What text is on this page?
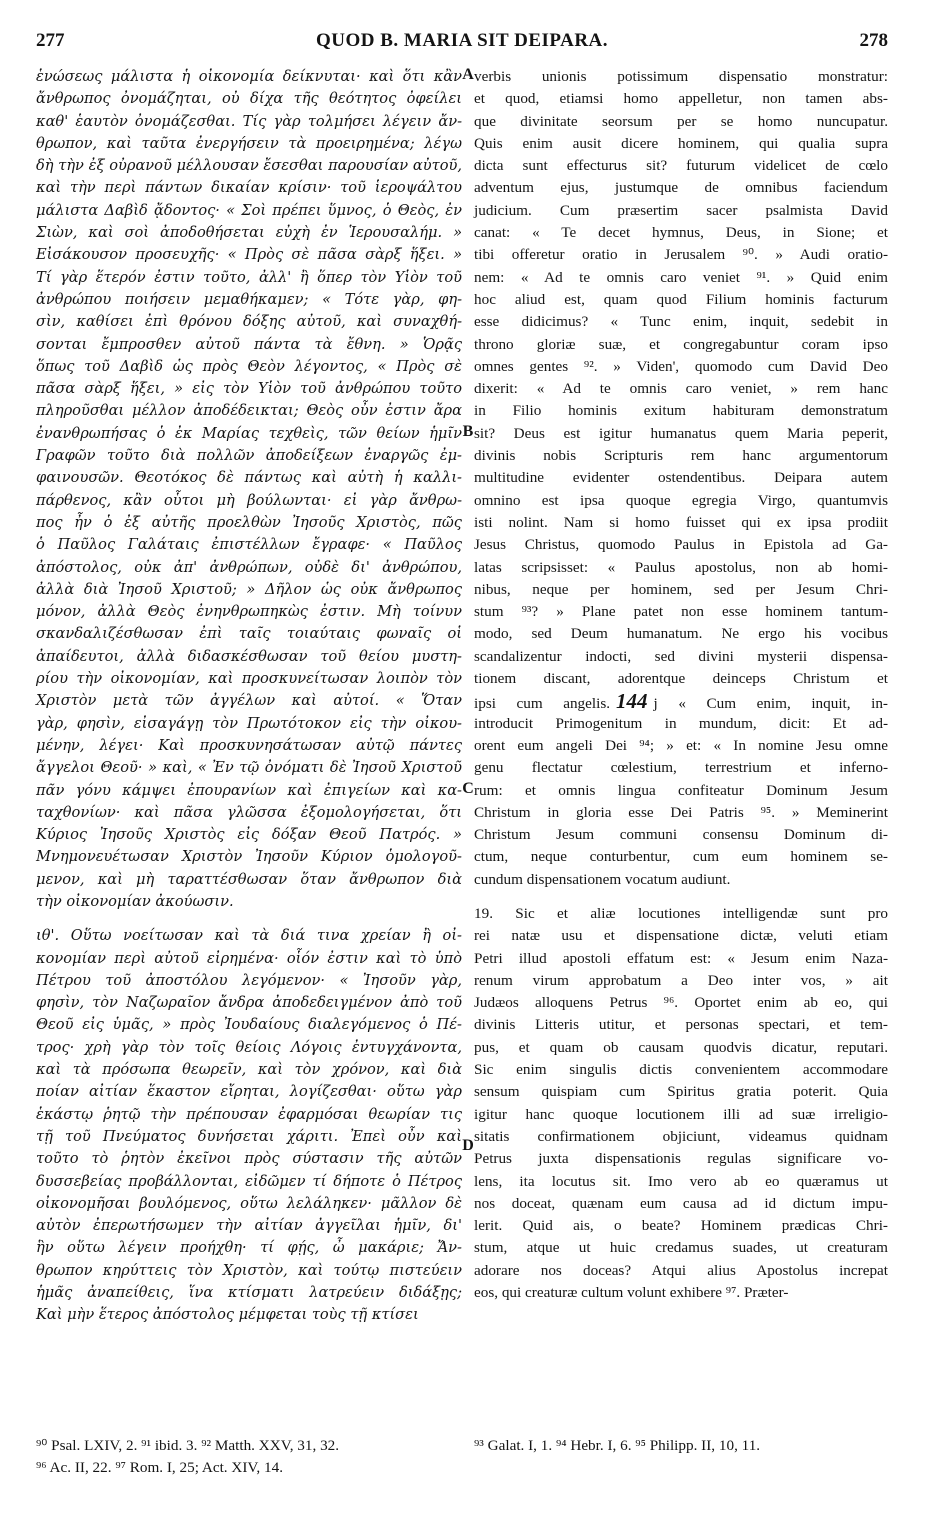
277	QUOD B. MARIA SIT DEIPARA.	278
ἑνώσεως μάλιστα ἡ οἰκονομία δείκνυται· καὶ ὅτι κἂν
ἄνθρωπος ὀνομάζηται, οὐ δίχα τῆς θεότητος ὀφείλει
καθ' ἑαυτὸν ὀνομάζεσθαι. Τίς γὰρ τολμήσει λέγειν ἄν-
θρωπον, καὶ ταῦτα ἐνεργήσειν τὰ προειρημένα; λέγω
δὴ τὴν ἐξ οὐρανοῦ μέλλουσαν ἔσεσθαι παρουσίαν αὐτοῦ,
καὶ τὴν περὶ πάντων δικαίαν κρίσιν· τοῦ ἱεροψάλτου
μάλιστα Δαβὶδ ᾄδοντος· « Σοὶ πρέπει ὕμνος, ὁ Θεὸς, ἐν
Σιὼν, καὶ σοὶ ἀποδοθήσεται εὐχὴ ἐν Ἱερουσαλήμ. »
Εἰσάκουσον προσευχῆς· « Πρὸς σὲ πᾶσα σὰρξ ἥξει. »
Τί γὰρ ἕτερόν ἐστιν τοῦτο, ἀλλ' ἢ ὅπερ τὸν Υἱὸν τοῦ
ἀνθρώπου ποιήσειν μεμαθήκαμεν; « Τότε γὰρ, φη-
σὶν, καθίσει ἐπὶ θρόνου δόξης αὐτοῦ, καὶ συναχθή-
σονται ἔμπροσθεν αὐτοῦ πάντα τὰ ἔθνη. » Ὁρᾷς
ὅπως τοῦ Δαβὶδ ὡς πρὸς Θεὸν λέγοντος, « Πρὸς σὲ
πᾶσα σὰρξ ἥξει, » εἰς τὸν Υἱὸν τοῦ ἀνθρώπου τοῦτο
πληροῦσθαι μέλλον ἀποδέδεικται; Θεὸς οὖν ἐστιν ἄρα
ἐνανθρωπήσας ὁ ἐκ Μαρίας τεχθεὶς, τῶν θείων ἡμῖν
Γραφῶν τοῦτο διὰ πολλῶν ἀποδείξεων ἐναργῶς ἐμ-
φαινουσῶν. Θεοτόκος δὲ πάντως καὶ αὐτὴ ἡ καλλι-
πάρθενος, κἂν οὗτοι μὴ βούλωνται· εἰ γὰρ ἄνθρω-
πος ἦν ὁ ἐξ αὐτῆς προελθὼν Ἰησοῦς Χριστὸς, πῶς
ὁ Παῦλος Γαλάταις ἐπιστέλλων ἔγραφε· « Παῦλος
ἀπόστολος, οὐκ ἀπ' ἀνθρώπων, οὐδὲ δι' ἀνθρώπου,
ἀλλὰ διὰ Ἰησοῦ Χριστοῦ; » Δῆλον ὡς οὐκ ἄνθρωπος
μόνον, ἀλλὰ Θεὸς ἐνηνθρωπηκὼς ἐστιν. Μὴ τοίνυν
σκανδαλιζέσθωσαν ἐπὶ ταῖς τοιαύταις φωναῖς οἱ
ἀπαίδευτοι, ἀλλὰ διδασκέσθωσαν τοῦ θείου μυστη-
ρίου τὴν οἰκονομίαν, καὶ προσκυνείτωσαν λοιπὸν τὸν
Χριστὸν μετὰ τῶν ἀγγέλων καὶ αὐτοί. « Ὅταν
γὰρ, φησὶν, εἰσαγάγῃ τὸν Πρωτότοκον εἰς τὴν οἰκου-
μένην, λέγει· Καὶ προσκυνησάτωσαν αὐτῷ πάντες
ἄγγελοι Θεοῦ· » καὶ, « Ἐν τῷ ὀνόματι δὲ Ἰησοῦ Χριστοῦ
πᾶν γόνυ κάμψει ἐπουρανίων καὶ ἐπιγείων καὶ κα-
ταχθονίων· καὶ πᾶσα γλῶσσα ἐξομολογήσεται, ὅτι
Κύριος Ἰησοῦς Χριστὸς εἰς δόξαν Θεοῦ Πατρός. »
Μνημονευέτωσαν Χριστὸν Ἰησοῦν Κύριον ὁμολογοῦ-
μενον, καὶ μὴ ταραττέσθωσαν ὅταν ἄνθρωπον διὰ
τὴν οἰκονομίαν ἀκούωσιν.
ιθ'. Οὕτω νοείτωσαν καὶ τὰ διά τινα χρείαν ἢ οἰ-
κονομίαν περὶ αὐτοῦ εἰρημένα· οἷόν ἐστιν καὶ τὸ ὑπὸ
Πέτρου τοῦ ἀποστόλου λεγόμενον· « Ἰησοῦν γὰρ,
φησὶν, τὸν Ναζωραῖον ἄνδρα ἀποδεδειγμένον ἀπὸ τοῦ
Θεοῦ εἰς ὑμᾶς, » πρὸς Ἰουδαίους διαλεγόμενος ὁ Πέ-
τρος· χρὴ γὰρ τὸν τοῖς θείοις Λόγοις ἐντυγχάνοντα,
καὶ τὰ πρόσωπα θεωρεῖν, καὶ τὸν χρόνον, καὶ διὰ
ποίαν αἰτίαν ἕκαστον εἴρηται, λογίζεσθαι· οὕτω γὰρ
ἑκάστῳ ῥητῷ τὴν πρέπουσαν ἐφαρμόσαι θεωρίαν τις
τῇ τοῦ Πνεύματος δυνήσεται χάριτι. Ἐπεὶ οὖν καὶ
τοῦτο τὸ ῥητὸν ἐκεῖνοι πρὸς σύστασιν τῆς αὐτῶν
δυσσεβείας προβάλλονται, εἰδῶμεν τί δήποτε ὁ Πέτρος
οἰκονομῆσαι βουλόμενος, οὕτω λελάληκεν· μᾶλλον δὲ
αὐτὸν ἐπερωτήσωμεν τὴν αἰτίαν ἀγγεῖλαι ἡμῖν, δι'
ἣν οὕτω λέγειν προήχθη· τί φῄς, ὦ μακάριε; Ἄν-
θρωπον κηρύττεις τὸν Χριστὸν, καὶ τούτῳ πιστεύειν
ἡμᾶς ἀναπείθεις, ἵνα κτίσματι λατρεύειν διδάξῃς;
Καὶ μὴν ἕτερος ἀπόστολος μέμφεται τοὺς τῇ κτίσει
verbis unionis potissimum dispensatio monstratur:
et quod, etiamsi homo appelletur, non tamen abs-
que divinitate seorsum per se homo nuncupatur.
Quis enim ausit dicere hominem, qui qualia supra
dicta sunt effecturus sit? futurum videlicet de cœlo
adventum ejus, justumque de omnibus faciendum
judicium. Cum præsertim sacer psalmista David
canat: « Te decet hymnus, Deus, in Sione; et
tibi offeretur oratio in Jerusalem ⁹⁰. » Audi oratio-
nem: « Ad te omnis caro veniet ⁹¹. » Quid enim
hoc aliud est, quam quod Filium hominis facturum
esse didicimus? « Tunc enim, inquit, sedebit in
throno gloriæ suæ, et congregabuntur coram ipso
omnes gentes ⁹². » Viden', quomodo cum David Deo
dixerit: « Ad te omnis caro veniet, » rem hanc
in Filio hominis exitum habituram demonstratum
sit? Deus est igitur humanatus quem Maria peperit,
divinis nobis Scripturis rem hanc argumentorum
multitudine evidenter ostendentibus. Deipara autem
omnino est ipsa quoque egregia Virgo, quantumvis
isti nolint. Nam si homo fuisset qui ex ipsa prodiit
Jesus Christus, quomodo Paulus in Epistola ad Ga-
latas scripsisset: « Paulus apostolus, non ab homi-
nibus, neque per hominem, sed per Jesum Chri-
stum ⁹³? » Plane patet non esse hominem tantum-
modo, sed Deum humanatum. Ne ergo his vocibus
scandalizentur indocti, sed divini mysterii dispensa-
tionem discant, adorentque deinceps Christum et
ipsi cum angelis. 144 j « Cum enim, inquit, in-
introducit Primogenitum in mundum, dicit: Et ad-
orent eum angeli Dei ⁹⁴; » et: « In nomine Jesu omne
genu flectatur cœlestium, terrestrium et inferno-
rum: et omnis lingua confiteatur Dominum Jesum
Christum in gloria esse Dei Patris ⁹⁵. » Meminerint
Christum Jesum communi consensu Dominum di-
ctum, neque conturbentur, cum eum hominem se-
cundum dispensationem vocatum audiunt.
19. Sic et aliæ locutiones intelligendæ sunt pro
rei natæ usu et dispensatione dictæ, veluti etiam
Petri illud apostoli effatum est: « Jesum enim Naza-
renum virum approbatum a Deo inter vos, » ait
Judæos alloquens Petrus ⁹⁶. Oportet enim ab eo, qui
divinis Litteris utitur, et personas spectari, et tem-
pus, et quam ob causam quodvis dicatur, reputari.
Sic enim singulis dictis convenientem accommodare
sensum quispiam cum Spiritus gratia poterit. Quia
igitur hanc quoque locutionem illi ad suæ irreligio-
sitatis confirmationem objiciunt, videamus quidnam
Petrus juxta dispensationis regulas significare vo-
lens, ita locutus sit. Imo vero ab eo quæramus ut
nos doceat, quænam eum causa ad id dictum impu-
lerit. Quid ais, o beate? Hominem prædicas Chri-
stum, atque ut huic credamus suades, ut creaturam
adorare nos doceas? Atqui alius Apostolus increpat
eos, qui creaturæ cultum volunt exhibere ⁹⁷. Præter-
A
B
C
D
⁹⁰ Psal. LXIV, 2. ⁹¹ ibid. 3. ⁹² Matth. XXV, 31, 32.	⁹³ Galat. I, 1. ⁹⁴ Hebr. I, 6. ⁹⁵ Philipp. II, 10, 11.
⁹⁶ Ac. II, 22. ⁹⁷ Rom. I, 25; Act. XIV, 14.
